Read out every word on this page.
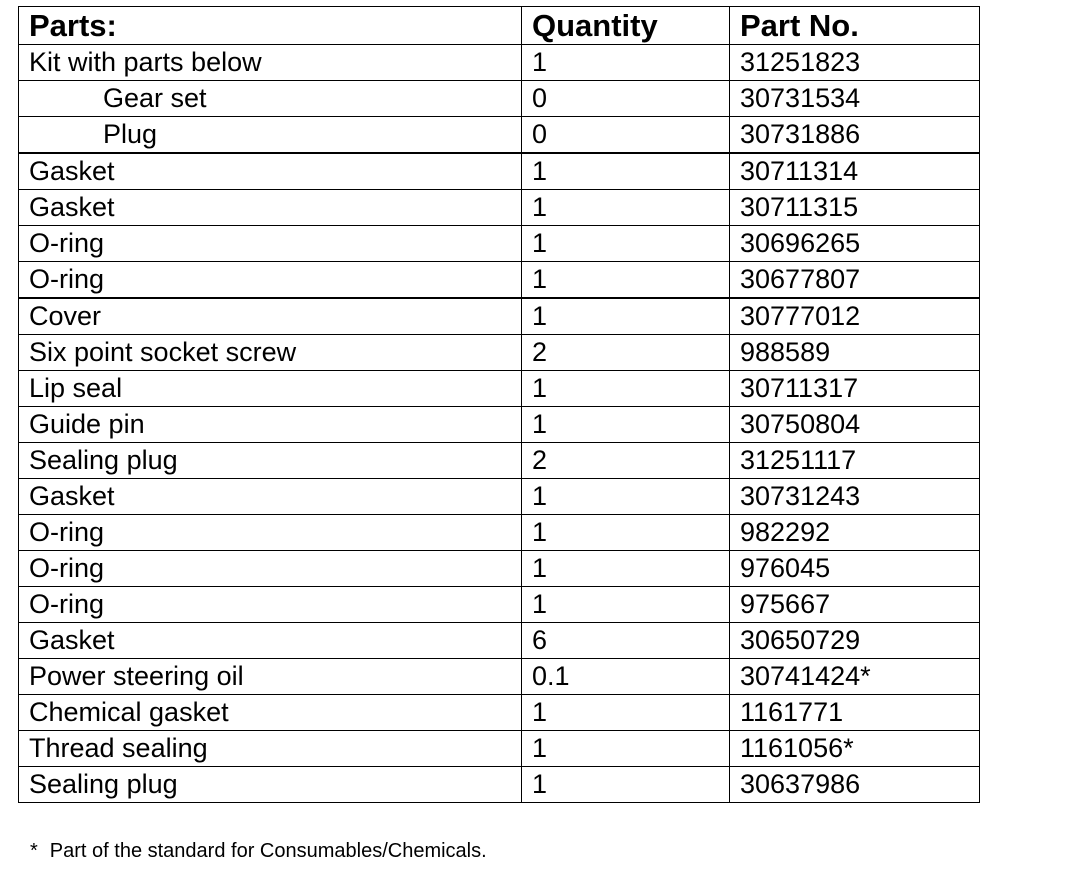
Parts:	Quantity	Part No.
Kit with parts below	1	31251823
Gear set	0	30731534
Plug	0	30731886
Gasket	1	30711314
Gasket	1	30711315
O-ring	1	30696265
O-ring	1	30677807
Cover	1	30777012
Six point socket screw	2	988589
Lip seal	1	30711317
Guide pin	1	30750804
Sealing plug	2	31251117
Gasket	1	30731243
O-ring	1	982292
O-ring	1	976045
O-ring	1	975667
Gasket	6	30650729
Power steering oil	0.1	30741424*
Chemical gasket	1	1161771
Thread sealing	1	1161056*
Sealing plug	1	30637986
* Part of the standard for Consumables/Chemicals.
